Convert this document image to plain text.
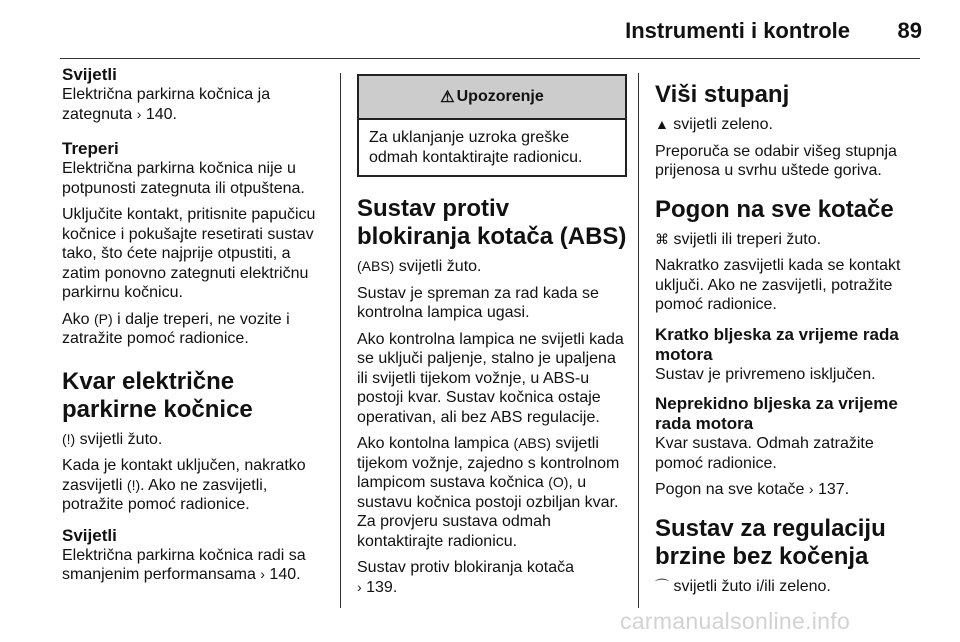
Instrumenti i kontrole 89
Svijetli
Električna parkirna kočnica ja zategnuta › 140.
Treperi
Električna parkirna kočnica nije u potpunosti zategnuta ili otpuštena.
Uključite kontakt, pritisnite papučicu kočnice i pokušajte resetirati sustav tako, što ćete najprije otpustiti, a zatim ponovno zategnuti električnu parkirnu kočnicu.
Ako (P) i dalje treperi, ne vozite i zatražite pomoć radionice.
Kvar električne parkirne kočnice
(!) svijetli žuto.
Kada je kontakt uključen, nakratko zasvijetli (!). Ako ne zasvijetli, potražite pomoć radionice.
Svijetli
Električna parkirna kočnica radi sa smanjenim performansama › 140.
⚠ Upozorenje
Za uklanjanje uzroka greške odmah kontaktirajte radionicu.
Sustav protiv blokiranja kotača (ABS)
(ABS) svijetli žuto.
Sustav je spreman za rad kada se kontrolna lampica ugasi.
Ako kontrolna lampica ne svijetli kada se uključi paljenje, stalno je upaljena ili svijetli tijekom vožnje, u ABS-u postoji kvar. Sustav kočnica ostaje operativan, ali bez ABS regulacije.
Ako kontolna lampica (ABS) svijetli tijekom vožnje, zajedno s kontrolnom lampicom sustava kočnica (O), u sustavu kočnica postoji ozbiljan kvar. Za provjeru sustava odmah kontaktirajte radionicu.
Sustav protiv blokiranja kotača
› 139.
Viši stupanj
▲ svijetli zeleno.
Preporuča se odabir višeg stupnja prijenosa u svrhu uštede goriva.
Pogon na sve kotače
⌘ svijetli ili treperi žuto.
Nakratko zasvijetli kada se kontakt uključi. Ako ne zasvijetli, potražite pomoć radionice.
Kratko bljeska za vrijeme rada motora
Sustav je privremeno isključen.
Neprekidno bljeska za vrijeme rada motora
Kvar sustava. Odmah zatražite pomoć radionice.
Pogon na sve kotače › 137.
Sustav za regulaciju brzine bez kočenja
⌒ svijetli žuto i/ili zeleno.
carmanualsonline.info
